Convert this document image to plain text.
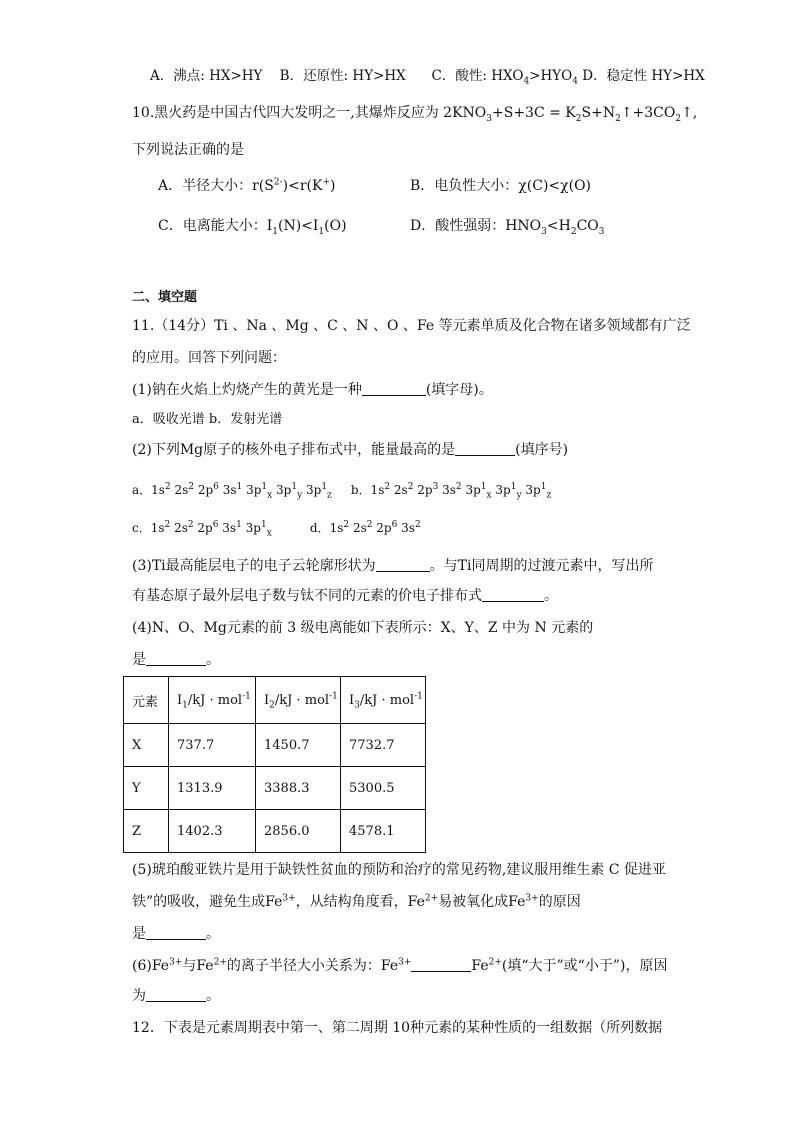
A．沸点: HX>HY B．还原性: HY>HX C．酸性: $HXO_4>HYO_4$ D．稳定性 HY>HX
10.黑火药是中国古代四大发明之一,其爆炸反应为 $2KNO_3+S+3C$ = $K_2S+N_2↑+3CO_2↑$,
下列说法正确的是
A．半径大小：$r(S^{2-})<r(K^+)$	B．电负性大小：χ(C)<χ(O)
C．电离能大小：$I_1(N)<I_1(O)$	D．酸性强弱：$HNO_3<H_2CO_3$
二、填空题
11.（14分）Ti 、Na 、Mg 、C 、N 、O 、Fe 等元素单质及化合物在诸多领域都有广泛
的应用。回答下列问题：
(1)钠在火焰上灼烧产生的黄光是一种	(填字母)。
a．吸收光谱 b．发射光谱
(2)下列Mg原子的核外电子排布式中，能量最高的是	(填序号)
a．$1s^2$ $2s^2$ $2p^6$ $3s^1$ $3p^1_x$ $3p^1_y$ $3p^1_z$ b．$1s^2$ $2s^2$ $2p^3$ $3s^2$ $3p^1_x$ $3p^1_y$ $3p^1_z$
c．$1s^2$ $2s^2$ $2p^6$ $3s^1$ $3p^1_x$	d．$1s^2$ $2s^2$ $2p^6$ $3s^2$
(3)Ti最高能层电子的电子云轮廓形状为	。与Ti同周期的过渡元素中，写出所
有基态原子最外层电子数与钛不同的元素的价电子排布式	。
(4)N、O、Mg元素的前 3 级电离能如下表所示：X、Y、Z 中为 N 元素的
是	。
元素	$I_1/kJ \cdot mol^{-1}$	$I_2/kJ \cdot mol^{-1}$	$I_3/kJ \cdot mol^{-1}$
X	737.7	1450.7	7732.7
Y	1313.9	3388.3	5300.5
Z	1402.3	2856.0	4578.1
(5)琥珀酸亚铁片是用于缺铁性贫血的预防和治疗的常见药物,建议服用维生素 C 促进亚
铁”的吸收，避免生成$Fe^{3+}$，从结构角度看，$Fe^{2+}$易被氧化成$Fe^{3+}$的原因
是	。
$(6)Fe^{3+}$与$Fe^{2+}$的离子半径大小关系为：$Fe^{3+}$	$Fe^{2+}$(填“大于”或“小于”)，原因
为	。
12．下表是元素周期表中第一、第二周期 10种元素的某种性质的一组数据（所列数据
